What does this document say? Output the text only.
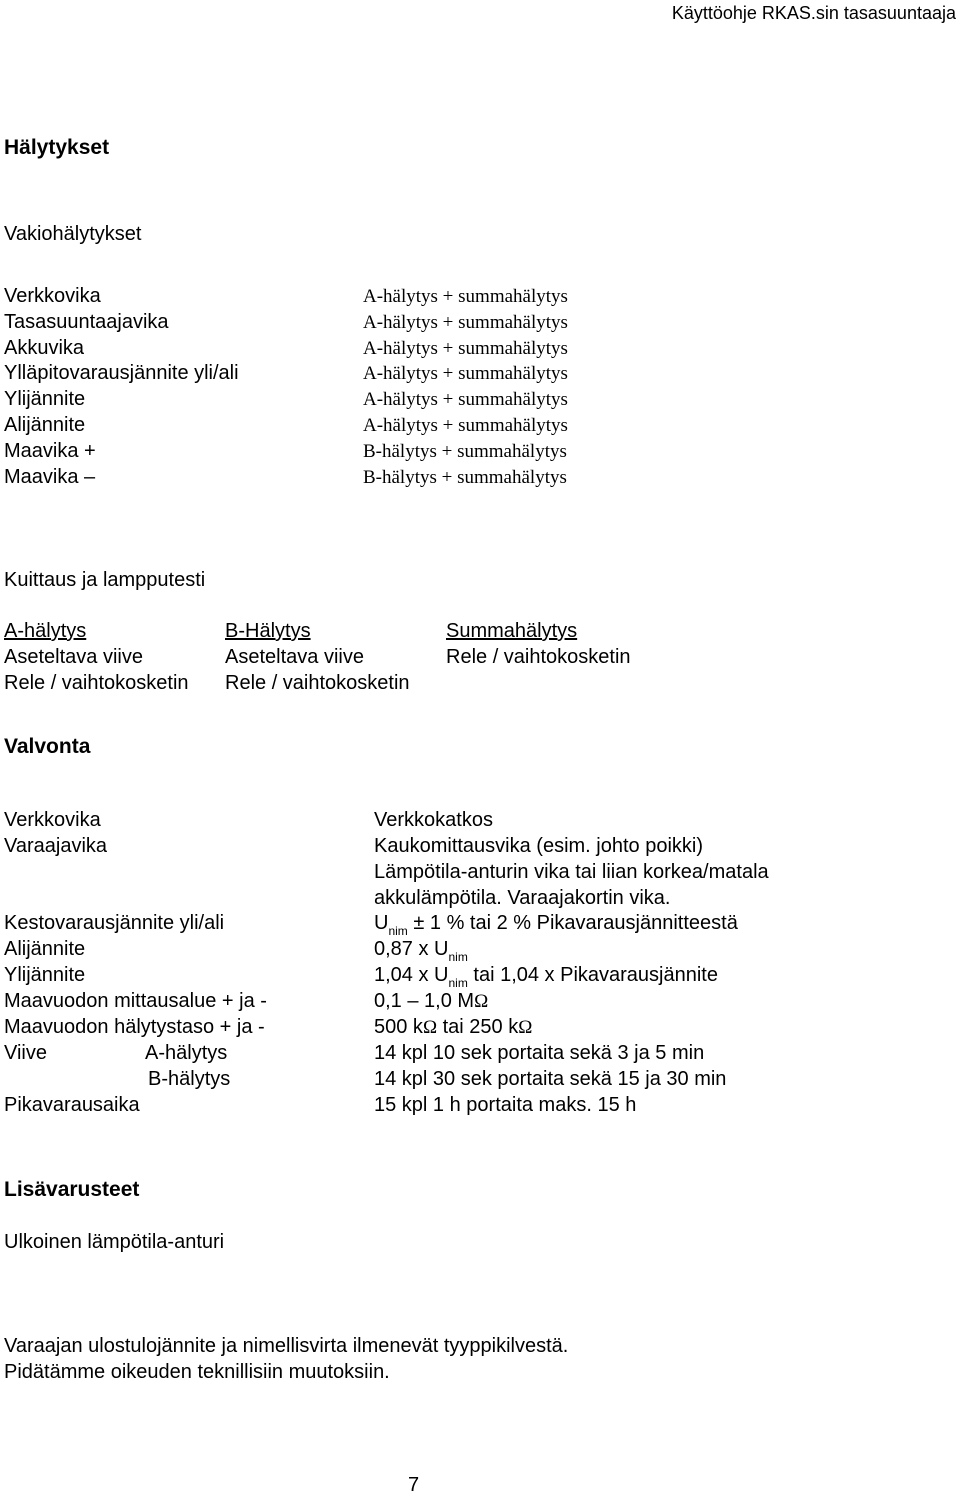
Käyttöohje RKAS.sin tasasuuntaaja
Hälytykset
Vakiohälytykset
Verkkovika
Tasasuuntaajavika
Akkuvika
Ylläpitovarausjännite yli/ali
Ylijännite
Alijännite
Maavika +
Maavika –
A-hälytys + summahälytys
A-hälytys + summahälytys
A-hälytys + summahälytys
A-hälytys + summahälytys
A-hälytys + summahälytys
A-hälytys + summahälytys
B-hälytys + summahälytys
B-hälytys + summahälytys
Kuittaus ja lampputesti
A-hälytys
Aseteltava viive
Rele / vaihtokosketin
B-Hälytys
Aseteltava viive
Rele / vaihtokosketin
Summahälytys
Rele / vaihtokosketin
Valvonta
Verkkovika
Varaajavika
Kestovarausjännite yli/ali
Alijännite
Ylijännite
Maavuodon mittausalue + ja -
Maavuodon hälytystaso + ja -
Viive	A-hälytys
B-hälytys
Pikavarausaika
Verkkokatkos
Kaukomittausvika (esim. johto poikki)
Lämpötila-anturin vika tai liian korkea/matala
akkulämpötila. Varaajakortin vika.
$U_{nim} \pm 1$ % tai 2 % Pikavarausjännitteestä
0,87 x $U_{nim}$
1,04 x $U_{nim}$ tai 1,04 x Pikavarausjännite
0,1 – 1,0 MΩ
500 kΩ tai 250 kΩ
14 kpl 10 sek portaita sekä 3 ja 5 min
14 kpl 30 sek portaita sekä 15 ja 30 min
15 kpl 1 h portaita maks. 15 h
Lisävarusteet
Ulkoinen lämpötila-anturi
Varaajan ulostulojännite ja nimellisvirta ilmenevät tyyppikilvestä.
Pidätämme oikeuden teknillisiin muutoksiin.
7
